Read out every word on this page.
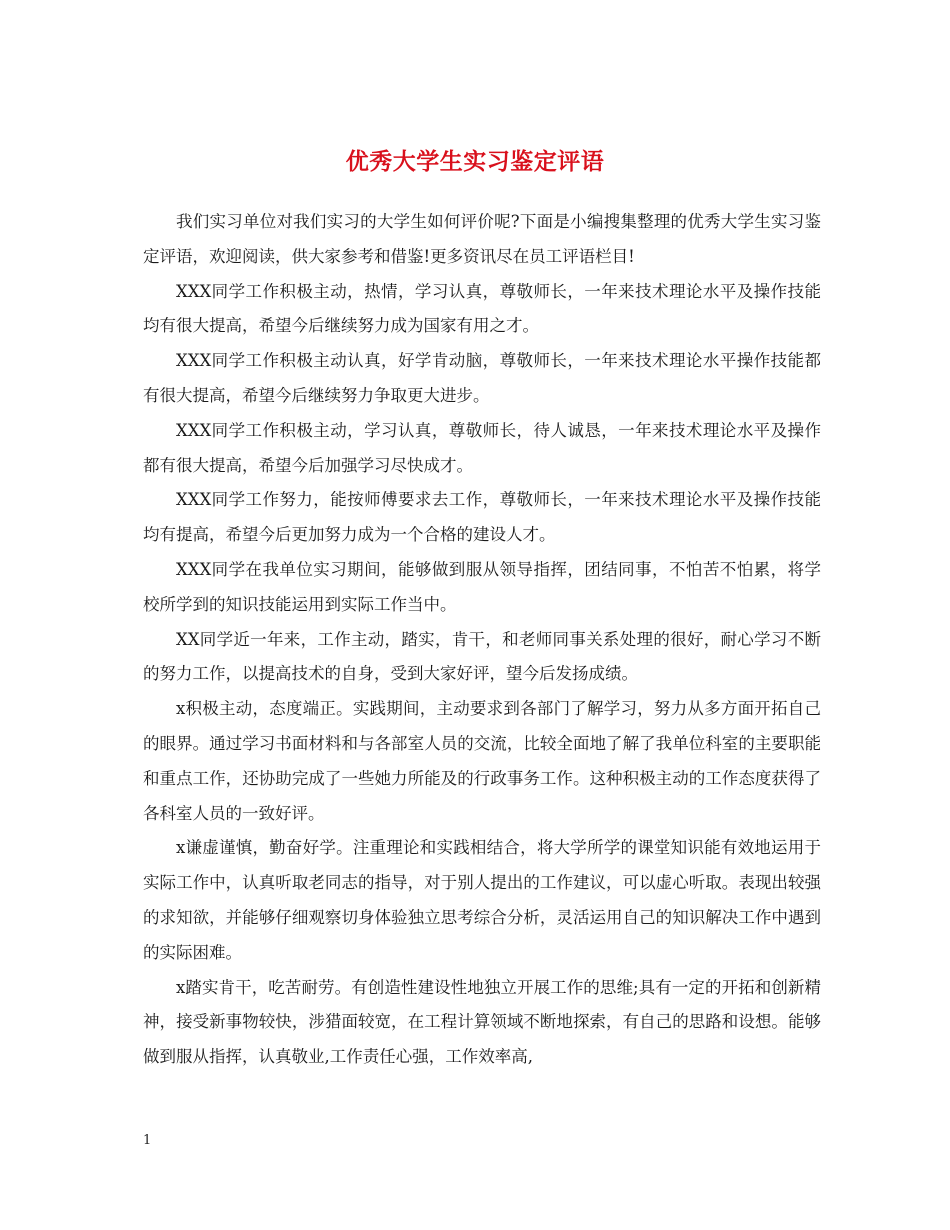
优秀大学生实习鉴定评语

我们实习单位对我们实习的大学生如何评价呢?下面是小编搜集整理的优秀大学生实习鉴定评语，欢迎阅读，供大家参考和借鉴!更多资讯尽在员工评语栏目!

XXX同学工作积极主动，热情，学习认真，尊敬师长，一年来技术理论水平及操作技能均有很大提高，希望今后继续努力成为国家有用之才。

XXX同学工作积极主动认真，好学肯动脑，尊敬师长，一年来技术理论水平操作技能都有很大提高，希望今后继续努力争取更大进步。

XXX同学工作积极主动，学习认真，尊敬师长，待人诚恳，一年来技术理论水平及操作都有很大提高，希望今后加强学习尽快成才。

XXX同学工作努力，能按师傅要求去工作，尊敬师长，一年来技术理论水平及操作技能均有提高，希望今后更加努力成为一个合格的建设人才。

XXX同学在我单位实习期间，能够做到服从领导指挥，团结同事，不怕苦不怕累，将学校所学到的知识技能运用到实际工作当中。

XX同学近一年来，工作主动，踏实，肯干，和老师同事关系处理的很好，耐心学习不断的努力工作，以提高技术的自身，受到大家好评，望今后发扬成绩。

x积极主动，态度端正。实践期间，主动要求到各部门了解学习，努力从多方面开拓自己的眼界。通过学习书面材料和与各部室人员的交流，比较全面地了解了我单位科室的主要职能和重点工作，还协助完成了一些她力所能及的行政事务工作。这种积极主动的工作态度获得了各科室人员的一致好评。

x谦虚谨慎，勤奋好学。注重理论和实践相结合，将大学所学的课堂知识能有效地运用于实际工作中，认真听取老同志的指导，对于别人提出的工作建议，可以虚心听取。表现出较强的求知欲，并能够仔细观察切身体验独立思考综合分析，灵活运用自己的知识解决工作中遇到的实际困难。

x踏实肯干，吃苦耐劳。有创造性建设性地独立开展工作的思维;具有一定的开拓和创新精神，接受新事物较快，涉猎面较宽，在工程计算领域不断地探索，有自己的思路和设想。能够做到服从指挥，认真敬业,工作责任心强，工作效率高,

1
